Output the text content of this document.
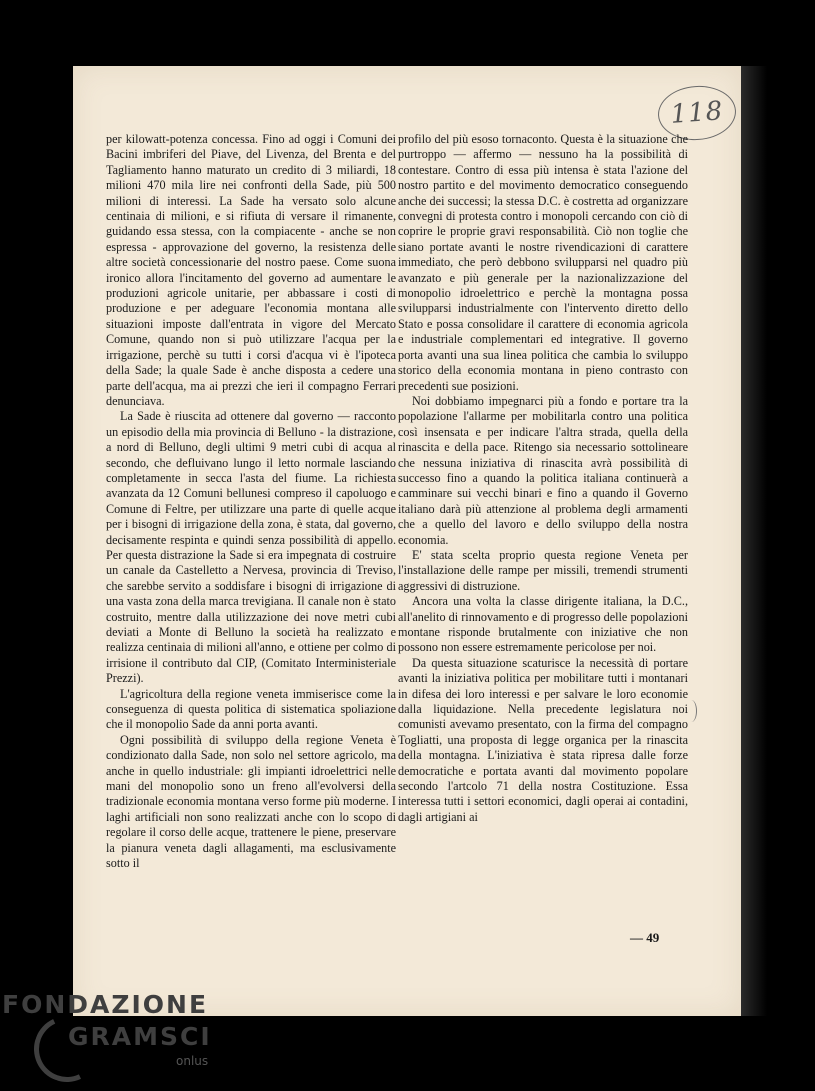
118

per kilowatt-potenza concessa. Fino ad oggi i Comuni dei Bacini imbriferi del Piave, del Livenza, del Brenta e del Tagliamento hanno maturato un credito di 3 miliardi, 18 milioni 470 mila lire nei confronti della Sade, più 500 milioni di interessi. La Sade ha versato solo alcune centinaia di milioni, e si rifiuta di versare il rimanente, guidando essa stessa, con la compiacente - anche se non espressa - approvazione del governo, la resistenza delle altre società concessionarie del nostro paese. Come suona ironico allora l'incitamento del governo ad aumentare le produzioni agricole unitarie, per abbassare i costi di produzione e per adeguare l'economia montana alle situazioni imposte dall'entrata in vigore del Mercato Comune, quando non si può utilizzare l'acqua per la irrigazione, perchè su tutti i corsi d'acqua vi è l'ipoteca della Sade; la quale Sade è anche disposta a cedere una parte dell'acqua, ma ai prezzi che ieri il compagno Ferrari denunciava.

La Sade è riuscita ad ottenere dal governo — racconto un episodio della mia provincia di Belluno - la distrazione, a nord di Belluno, degli ultimi 9 metri cubi di acqua al secondo, che defluivano lungo il letto normale lasciando completamente in secca l'asta del fiume. La richiesta avanzata da 12 Comuni bellunesi compreso il capoluogo e Comune di Feltre, per utilizzare una parte di quelle acque per i bisogni di irrigazione della zona, è stata, dal governo, decisamente respinta e quindi senza possibilità di appello. Per questa distrazione la Sade si era impegnata di costruire un canale da Castelletto a Nervesa, provincia di Treviso, che sarebbe servito a soddisfare i bisogni di irrigazione di una vasta zona della marca trevigiana. Il canale non è stato costruito, mentre dalla utilizzazione dei nove metri cubi deviati a Monte di Belluno la società ha realizzato e realizza centinaia di milioni all'anno, e ottiene per colmo di irrisione il contributo dal CIP, (Comitato Interministeriale Prezzi).

L'agricoltura della regione veneta immiserisce come la conseguenza di questa politica di sistematica spoliazione che il monopolio Sade da anni porta avanti.

Ogni possibilità di sviluppo della regione Veneta è condizionato dalla Sade, non solo nel settore agricolo, ma anche in quello industriale: gli impianti idroelettrici nelle mani del monopolio sono un freno all'evolversi della tradizionale economia montana verso forme più moderne. I laghi artificiali non sono realizzati anche con lo scopo di regolare il corso delle acque, trattenere le piene, preservare la pianura veneta dagli allagamenti, ma esclusivamente sotto il

profilo del più esoso tornaconto. Questa è la situazione che purtroppo — affermo — nessuno ha la possibilità di contestare. Contro di essa più intensa è stata l'azione del nostro partito e del movimento democratico conseguendo anche dei successi; la stessa D.C. è costretta ad organizzare convegni di protesta contro i monopoli cercando con ciò di coprire le proprie gravi responsabilità. Ciò non toglie che siano portate avanti le nostre rivendicazioni di carattere immediato, che però debbono svilupparsi nel quadro più avanzato e più generale per la nazionalizzazione del monopolio idroelettrico e perchè la montagna possa svilupparsi industrialmente con l'intervento diretto dello Stato e possa consolidare il carattere di economia agricola e industriale complementari ed integrative. Il governo porta avanti una sua linea politica che cambia lo sviluppo storico della economia montana in pieno contrasto con precedenti sue posizioni.

Noi dobbiamo impegnarci più a fondo e portare tra la popolazione l'allarme per mobilitarla contro una politica così insensata e per indicare l'altra strada, quella della rinascita e della pace. Ritengo sia necessario sottolineare che nessuna iniziativa di rinascita avrà possibilità di successo fino a quando la politica italiana continuerà a camminare sui vecchi binari e fino a quando il Governo italiano darà più attenzione al problema degli armamenti che a quello del lavoro e dello sviluppo della nostra economia.

E' stata scelta proprio questa regione Veneta per l'installazione delle rampe per missili, tremendi strumenti aggressivi di distruzione.

Ancora una volta la classe dirigente italiana, la D.C., all'anelito di rinnovamento e di progresso delle popolazioni montane risponde brutalmente con iniziative che non possono non essere estremamente pericolose per noi.

Da questa situazione scaturisce la necessità di portare avanti la iniziativa politica per mobilitare tutti i montanari in difesa dei loro interessi e per salvare le loro economie dalla liquidazione. Nella precedente legislatura noi comunisti avevamo presentato, con la firma del compagno Togliatti, una proposta di legge organica per la rinascita della montagna. L'iniziativa è stata ripresa dalle forze democratiche e portata avanti dal movimento popolare secondo l'artcolo 71 della nostra Costituzione. Essa interessa tutti i settori economici, dagli operai ai contadini, dagli artigiani ai

— 49
FONDAZIONE
GRAMSCI
onlus
